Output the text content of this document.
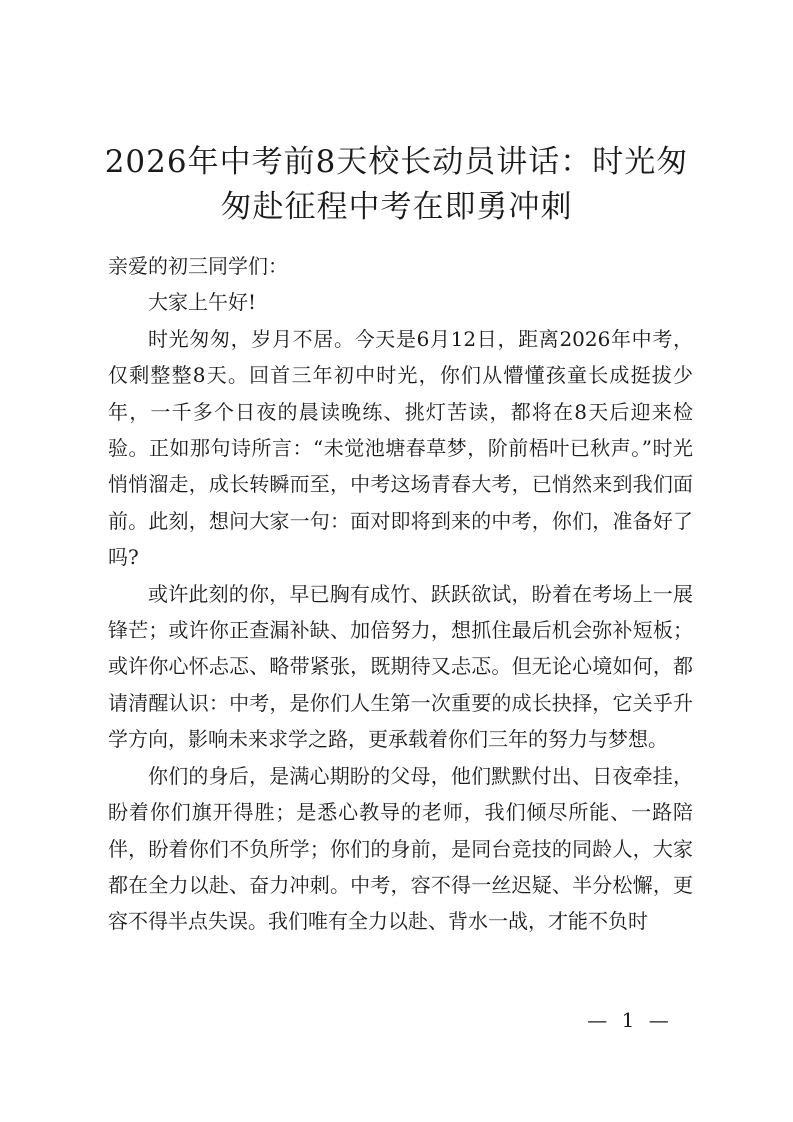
2026年中考前8天校长动员讲话：时光匆匆赴征程中考在即勇冲刺

亲爱的初三同学们：

大家上午好!

时光匆匆，岁月不居。今天是6月12日，距离2026年中考，仅剩整整8天。回首三年初中时光，你们从懵懂孩童长成挺拔少年，一千多个日夜的晨读晚练、挑灯苦读，都将在8天后迎来检验。正如那句诗所言：“未觉池塘春草梦，阶前梧叶已秋声。”时光悄悄溜走，成长转瞬而至，中考这场青春大考，已悄然来到我们面前。此刻，想问大家一句：面对即将到来的中考，你们，准备好了吗?

或许此刻的你，早已胸有成竹、跃跃欲试，盼着在考场上一展锋芒；或许你正查漏补缺、加倍努力，想抓住最后机会弥补短板；或许你心怀忐忑、略带紧张，既期待又忐忑。但无论心境如何，都请清醒认识：中考，是你们人生第一次重要的成长抉择，它关乎升学方向，影响未来求学之路，更承载着你们三年的努力与梦想。

你们的身后，是满心期盼的父母，他们默默付出、日夜牵挂，盼着你们旗开得胜；是悉心教导的老师，我们倾尽所能、一路陪伴，盼着你们不负所学；你们的身前，是同台竞技的同龄人，大家都在全力以赴、奋力冲刺。中考，容不得一丝迟疑、半分松懈，更容不得半点失误。我们唯有全力以赴、背水一战，才能不负时

— 1 —
